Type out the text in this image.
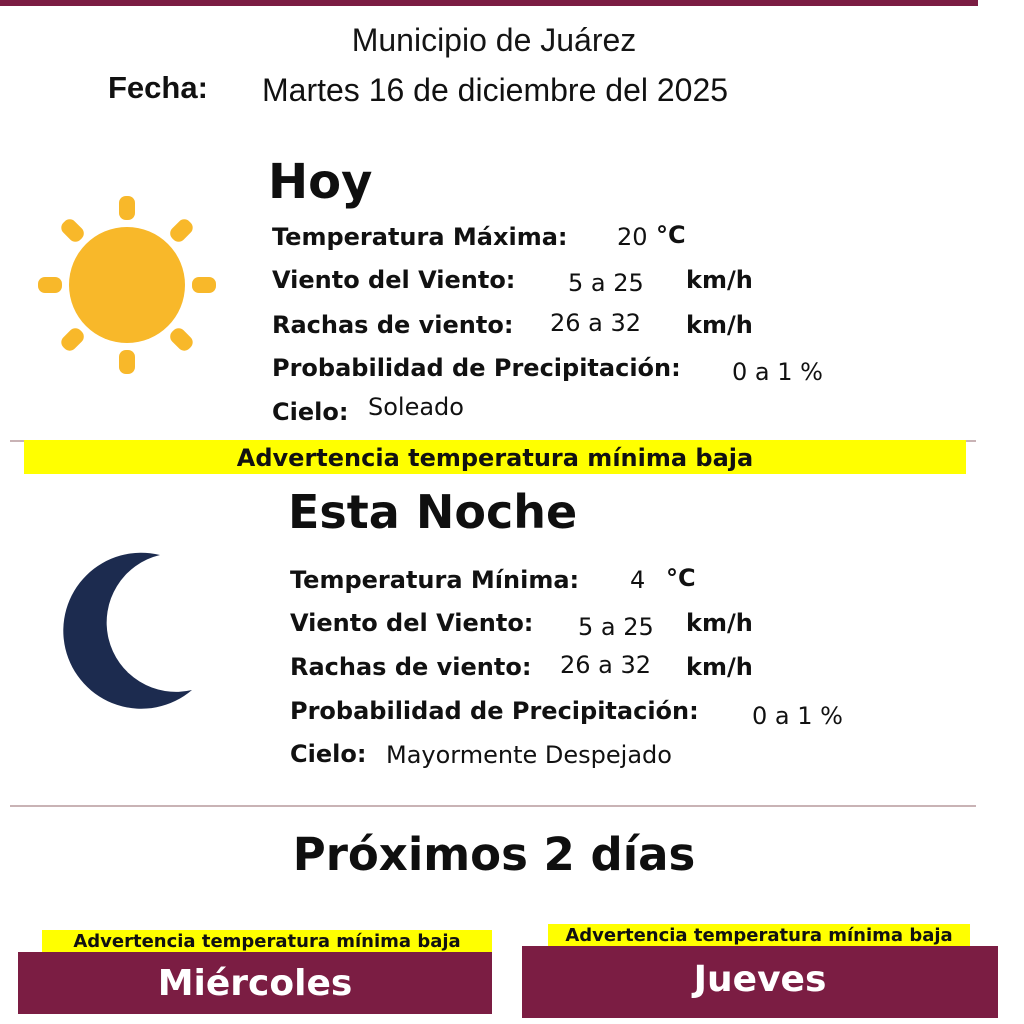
Municipio de Juárez
Fecha: Martes 16 de diciembre del 2025
Hoy
Temperatura Máxima: 20 °C
Viento del Viento: 5 a 25 km/h
Rachas de viento: 26 a 32 km/h
Probabilidad de Precipitación: 0 a 1 %
Cielo: Soleado
Advertencia temperatura mínima baja
Esta Noche
Temperatura Mínima: 4 °C
Viento del Viento: 5 a 25 km/h
Rachas de viento: 26 a 32 km/h
Probabilidad de Precipitación: 0 a 1 %
Cielo: Mayormente Despejado
Próximos 2 días
Advertencia temperatura mínima baja
Miércoles
Advertencia temperatura mínima baja
Jueves
